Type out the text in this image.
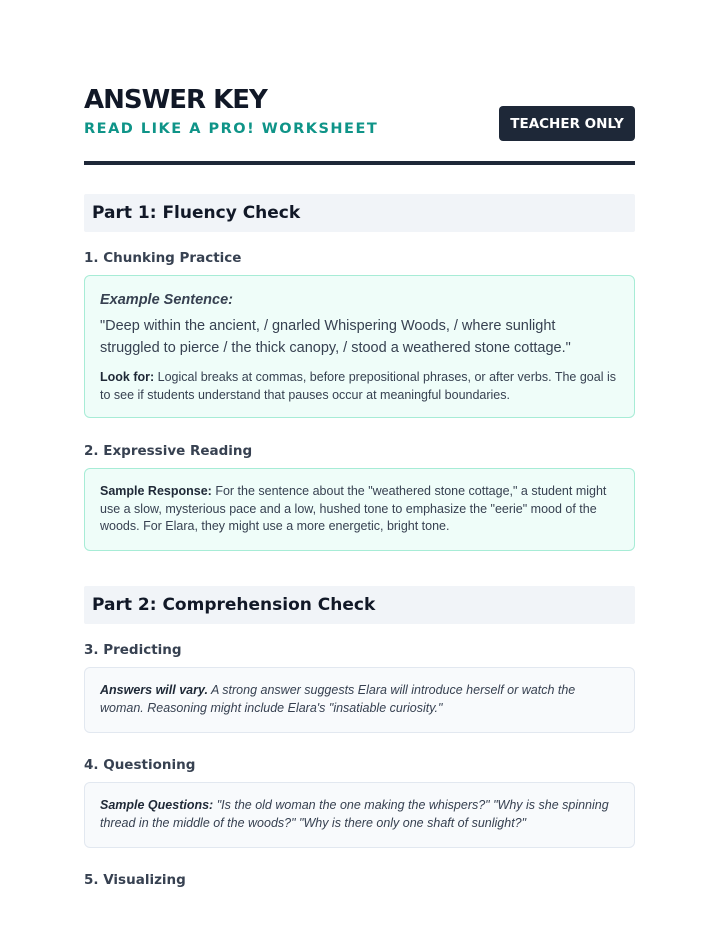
ANSWER KEY

READ LIKE A PRO! WORKSHEET	TEACHER ONLY
Part 1: Fluency Check
1. Chunking Practice

Example Sentence:

"Deep within the ancient, / gnarled Whispering Woods, / where sunlight struggled to pierce / the thick canopy, / stood a weathered stone cottage."

Look for: Logical breaks at commas, before prepositional phrases, or after verbs. The goal is to see if students understand that pauses occur at meaningful boundaries.

2. Expressive Reading

Sample Response: For the sentence about the "weathered stone cottage," a student might use a slow, mysterious pace and a low, hushed tone to emphasize the "eerie" mood of the woods. For Elara, they might use a more energetic, bright tone.

Part 2: Comprehension Check
3. Predicting

Answers will vary. A strong answer suggests Elara will introduce herself or watch the woman. Reasoning might include Elara's "insatiable curiosity."

4. Questioning

Sample Questions: "Is the old woman the one making the whispers?" "Why is she spinning thread in the middle of the woods?" "Why is there only one shaft of sunlight?"

5. Visualizing
